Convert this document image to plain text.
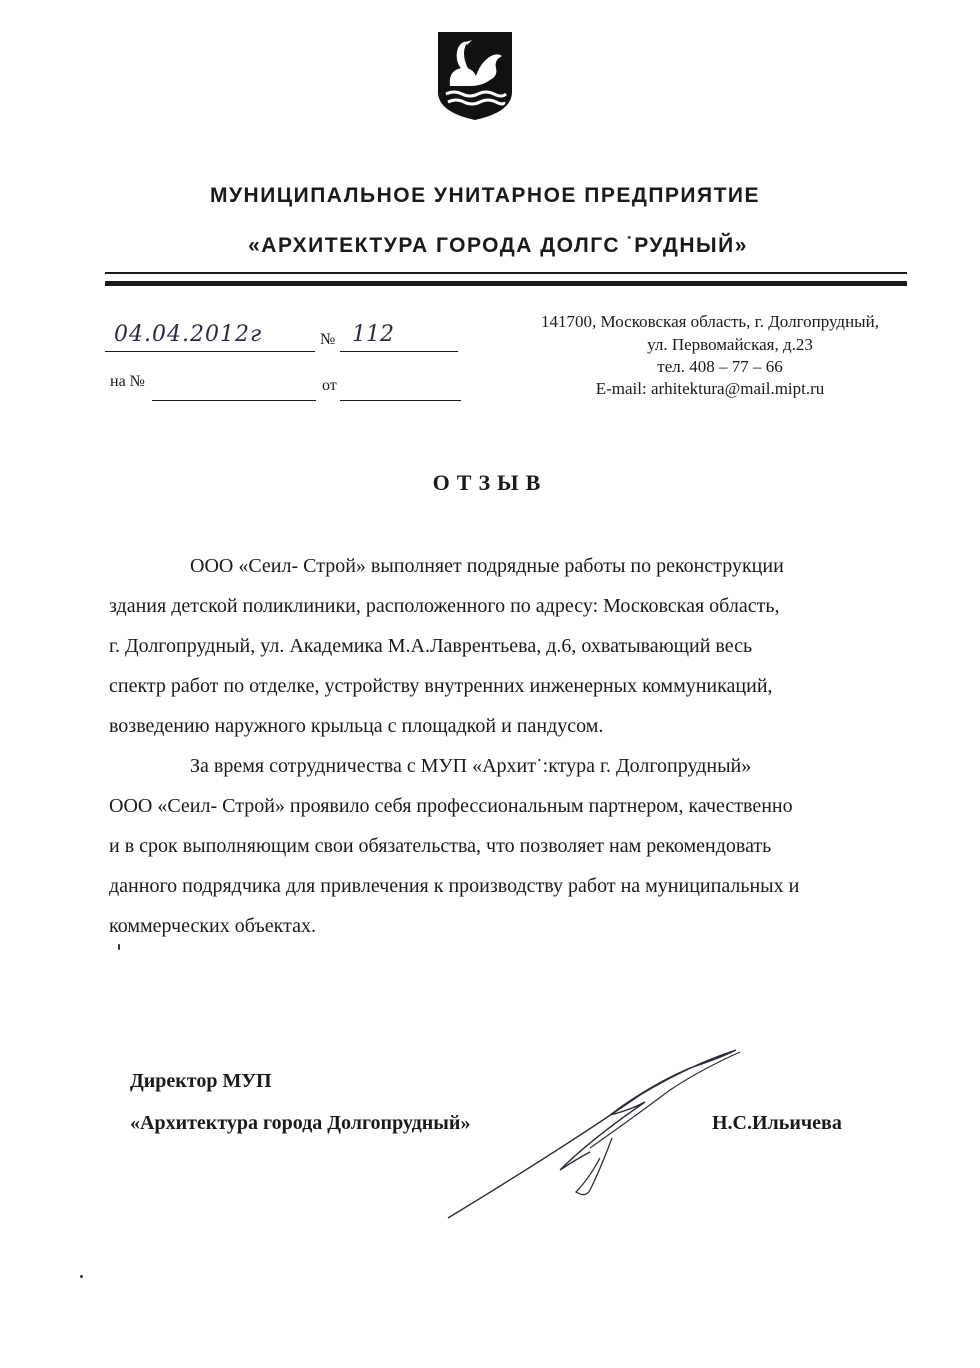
МУНИЦИПАЛЬНОЕ УНИТАРНОЕ ПРЕДПРИЯТИЕ
«АРХИТЕКТУРА ГОРОДА ДОЛГС ˙РУДНЫЙ»
04.04.2012г	№ 112
на №	от
141700, Московская область, г. Долгопрудный,
ул. Первомайская, д.23
тел. 408 – 77 – 66
E-mail: arhitektura@mail.mipt.ru
ОТЗЫВ
ООО «Сеил- Строй» выполняет подрядные работы по реконструкции
здания детской поликлиники, расположенного по адресу: Московская область,
г. Долгопрудный, ул. Академика М.А.Лаврентьева, д.6, охватывающий весь
спектр работ по отделке, устройству внутренних инженерных коммуникаций,
возведению наружного крыльца с площадкой и пандусом.
За время сотрудничества с МУП «Архит˙:ктура г. Долгопрудный»
ООО «Сеил- Строй» проявило себя профессиональным партнером, качественно
и в срок выполняющим свои обязательства, что позволяет нам рекомендовать
данного подрядчика для привлечения к производству работ на муниципальных и
коммерческих объектах.
Директор МУП
«Архитектура города Долгопрудный»	Н.С.Ильичева
